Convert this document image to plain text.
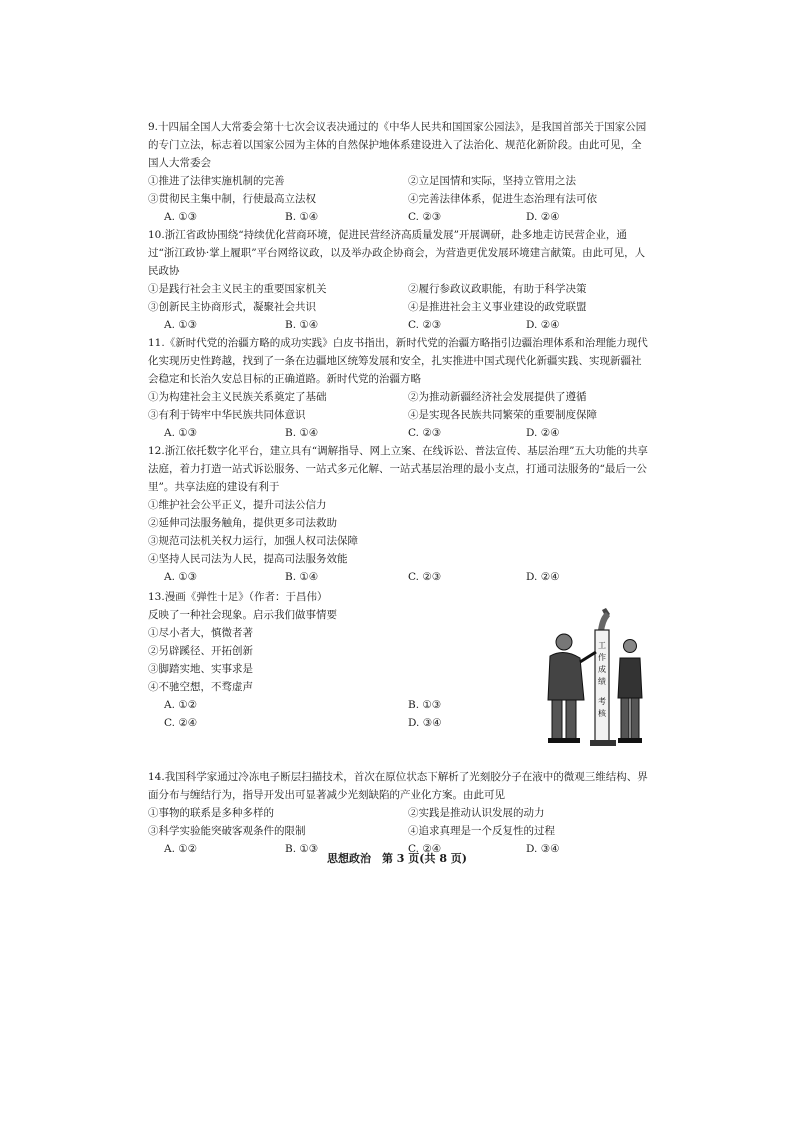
9.十四届全国人大常委会第十七次会议表决通过的《中华人民共和国国家公园法》，是我国首部关于国家公园的专门立法，标志着以国家公园为主体的自然保护地体系建设进入了法治化、规范化新阶段。由此可见，全国人大常委会

①推进了法律实施机制的完善	②立足国情和实际，坚持立管用之法
③贯彻民主集中制，行使最高立法权	④完善法律体系，促进生态治理有法可依
A. ①③	B. ①④	C. ②③	D. ②④

10.浙江省政协围绕“持续优化营商环境，促进民营经济高质量发展”开展调研，赴多地走访民营企业，通过“浙江政协·掌上履职”平台网络议政，以及举办政企协商会，为营造更优发展环境建言献策。由此可见，人民政协

①是践行社会主义民主的重要国家机关	②履行参政议政职能，有助于科学决策
③创新民主协商形式，凝聚社会共识	④是推进社会主义事业建设的政党联盟
A. ①③	B. ①④	C. ②③	D. ②④

11.《新时代党的治疆方略的成功实践》白皮书指出，新时代党的治疆方略指引边疆治理体系和治理能力现代化实现历史性跨越，找到了一条在边疆地区统筹发展和安全，扎实推进中国式现代化新疆实践、实现新疆社会稳定和长治久安总目标的正确道路。新时代党的治疆方略

①为构建社会主义民族关系奠定了基础	②为推动新疆经济社会发展提供了遵循
③有利于铸牢中华民族共同体意识	④是实现各民族共同繁荣的重要制度保障
A. ①③	B. ①④	C. ②③	D. ②④

12.浙江依托数字化平台，建立具有“调解指导、网上立案、在线诉讼、普法宣传、基层治理”五大功能的共享法庭，着力打造一站式诉讼服务、一站式多元化解、一站式基层治理的最小支点，打通司法服务的“最后一公里”。共享法庭的建设有利于

①维护社会公平正义，提升司法公信力

②延伸司法服务触角，提供更多司法救助

③规范司法机关权力运行，加强人权司法保障

④坚持人民司法为人民，提高司法服务效能

A. ①③	B. ①④	C. ②③	D. ②④

13.漫画《弹性十足》（作者：于昌伟）

反映了一种社会现象。启示我们做事情要

①尽小者大，慎微者著

②另辟蹊径、开拓创新

③脚踏实地、实事求是

④不驰空想，不骛虚声

A. ①②	B. ①③
C. ②④	D. ③④
工
作
成
绩
考
核

14.我国科学家通过冷冻电子断层扫描技术，首次在原位状态下解析了光刻胶分子在液中的微观三维结构、界面分布与缠结行为，指导开发出可显著减少光刻缺陷的产业化方案。由此可见

①事物的联系是多种多样的	②实践是推动认识发展的动力
③科学实验能突破客观条件的限制	④追求真理是一个反复性的过程
A. ①②	B. ①③	C. ②④	D. ③④
思想政治　第 3 页(共 8 页)
